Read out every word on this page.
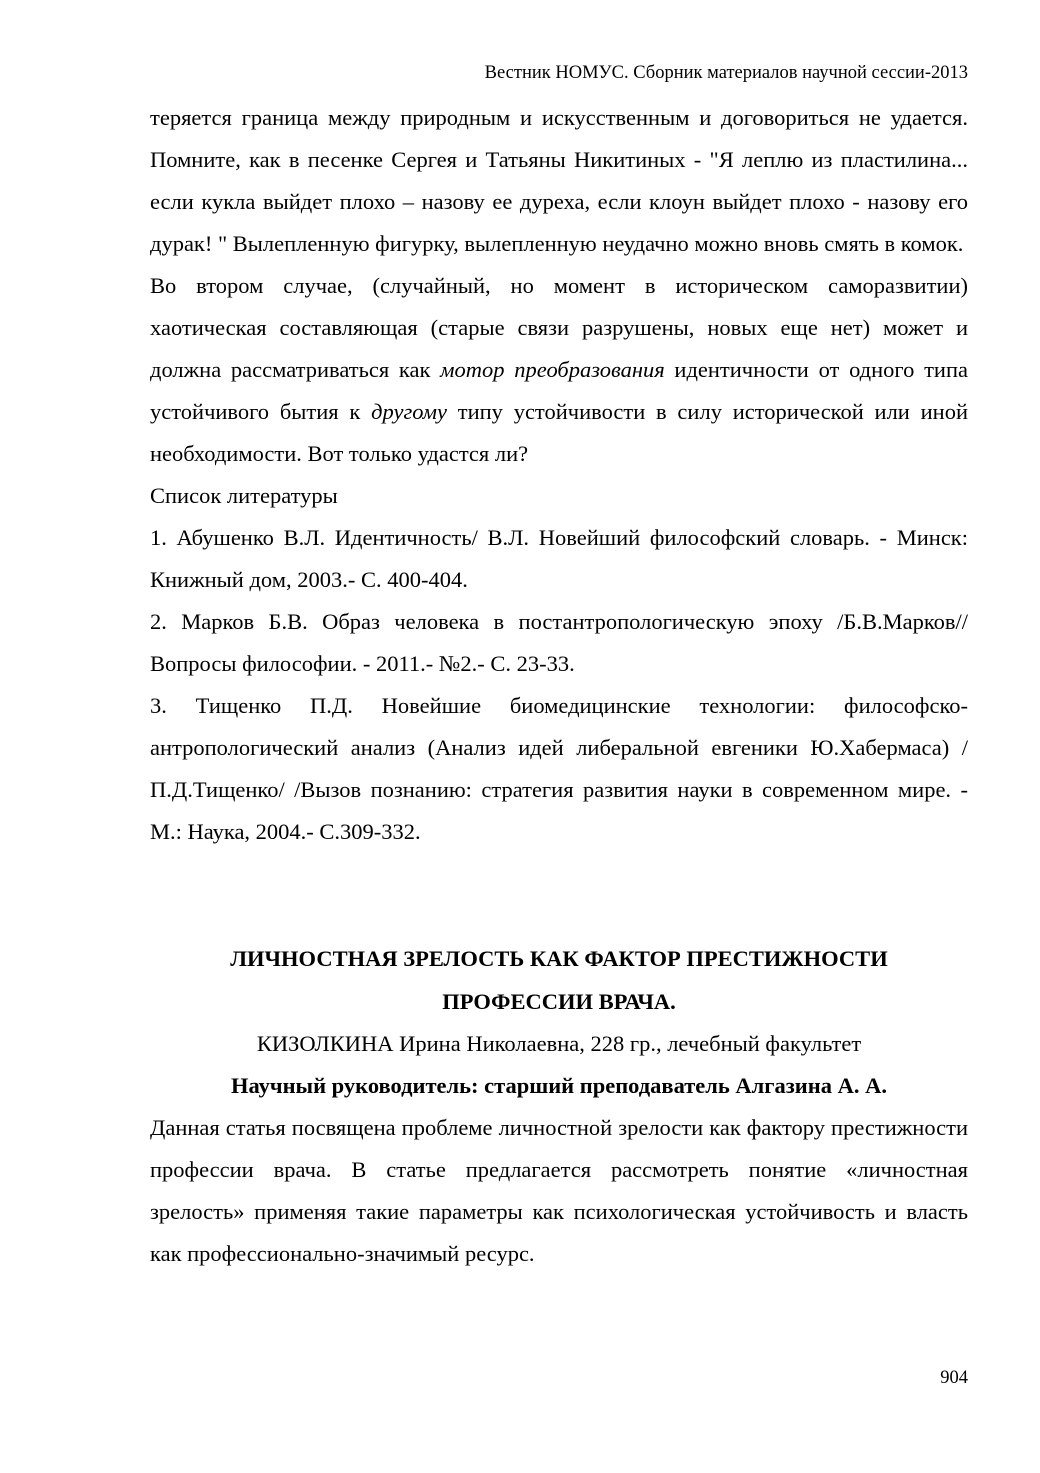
Вестник НОМУС. Сборник материалов научной сессии-2013

теряется граница между природным и искусственным и договориться не удается. Помните, как в песенке Сергея и Татьяны Никитиных - "Я леплю из пластилина... если кукла выйдет плохо – назову ее дуреха, если клоун выйдет плохо - назову его дурак! " Вылепленную фигурку, вылепленную неудачно можно вновь смять в комок.

Во втором случае, (случайный, но момент в историческом саморазвитии) хаотическая составляющая (старые связи разрушены, новых еще нет) может и должна рассматриваться как мотор преобразования идентичности от одного типа устойчивого бытия к другому типу устойчивости в силу исторической или иной необходимости. Вот только удастся ли?

Список литературы

1. Абушенко В.Л. Идентичность/ В.Л. Новейший философский словарь. - Минск: Книжный дом, 2003.- С. 400-404.

2. Марков Б.В. Образ человека в постантропологическую эпоху /Б.В.Марков// Вопросы философии. - 2011.- №2.- С. 23-33.

3. Тищенко П.Д. Новейшие биомедицинские технологии: философско-антропологический анализ (Анализ идей либеральной евгеники Ю.Хабермаса) /П.Д.Тищенко/ /Вызов познанию: стратегия развития науки в современном мире. - М.: Наука, 2004.- С.309-332.

ЛИЧНОСТНАЯ ЗРЕЛОСТЬ КАК ФАКТОР ПРЕСТИЖНОСТИ

ПРОФЕССИИ ВРАЧА.

КИЗОЛКИНА Ирина Николаевна, 228 гр., лечебный факультет

Научный руководитель: старший преподаватель Алгазина А. А.

Данная статья посвящена проблеме личностной зрелости как фактору престижности профессии врача. В статье предлагается рассмотреть понятие «личностная зрелость» применяя такие параметры как психологическая устойчивость и власть как профессионально-значимый ресурс.

904
